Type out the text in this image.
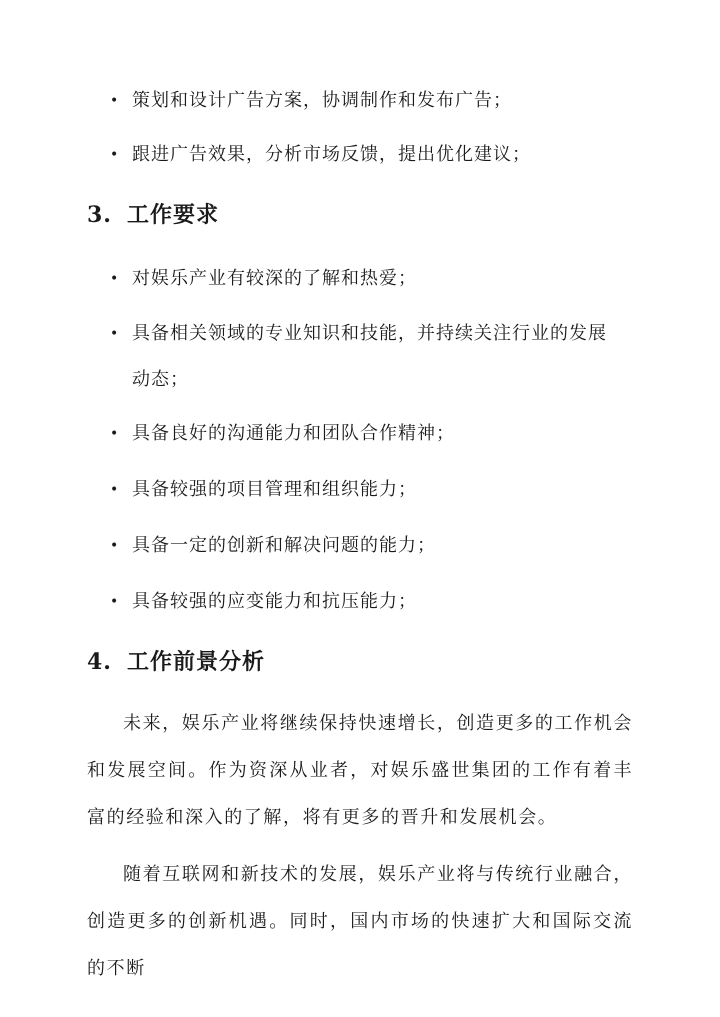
• 策划和设计广告方案，协调制作和发布广告；
• 跟进广告效果，分析市场反馈，提出优化建议；
3. 工作要求
• 对娱乐产业有较深的了解和热爱；
• 具备相关领域的专业知识和技能，并持续关注行业的发展动态；
• 具备良好的沟通能力和团队合作精神；
• 具备较强的项目管理和组织能力；
• 具备一定的创新和解决问题的能力；
• 具备较强的应变能力和抗压能力；
4. 工作前景分析
未来，娱乐产业将继续保持快速增长，创造更多的工作机会和发展空间。作为资深从业者，对娱乐盛世集团的工作有着丰富的经验和深入的了解，将有更多的晋升和发展机会。
随着互联网和新技术的发展，娱乐产业将与传统行业融合，创造更多的创新机遇。同时，国内市场的快速扩大和国际交流的不断
